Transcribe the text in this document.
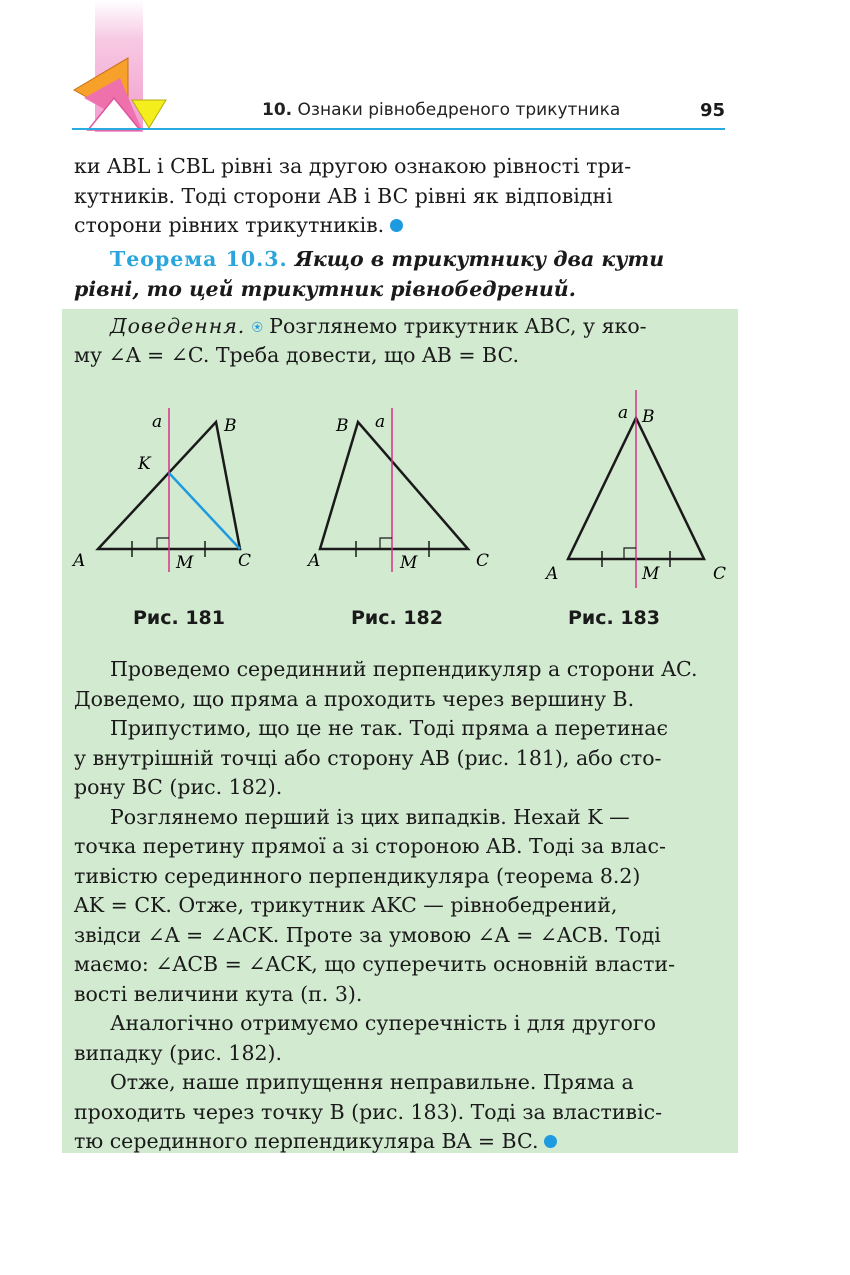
10. Ознаки рівнобедреного трикутника	95
ки ABL і CBL рівні за другою ознакою рівності три-
кутників. Тоді сторони AB і BC рівні як відповідні
сторони рівних трикутників.
Теорема 10.3. Якщо в трикутнику два кути
рівні, то цей трикутник рівнобедрений.
Доведення. ⍟ Розглянемо трикутник ABC, у яко-
му ∠A = ∠C. Треба довести, що AB = BC.
a	B
K
A	M	C
B a
A	M	C
a B
A	M	C
Рис. 181	Рис. 182	Рис. 183
Проведемо серединний перпендикуляр a сторони AC.
Доведемо, що пряма a проходить через вершину B.
Припустимо, що це не так. Тоді пряма a перетинає
у внутрішній точці або сторону AB (рис. 181), або сто-
рону BC (рис. 182).
Розглянемо перший із цих випадків. Нехай K —
точка перетину прямої a зі стороною AB. Тоді за влас-
тивістю серединного перпендикуляра (теорема 8.2)
AK = CK. Отже, трикутник AKC — рівнобедрений,
звідси ∠A = ∠ACK. Проте за умовою ∠A = ∠ACB. Тоді
маємо: ∠ACB = ∠ACK, що суперечить основній власти-
вості величини кута (п. 3).
Аналогічно отримуємо суперечність і для другого
випадку (рис. 182).
Отже, наше припущення неправильне. Пряма a
проходить через точку B (рис. 183). Тоді за властивіс-
тю серединного перпендикуляра BA = BC.
